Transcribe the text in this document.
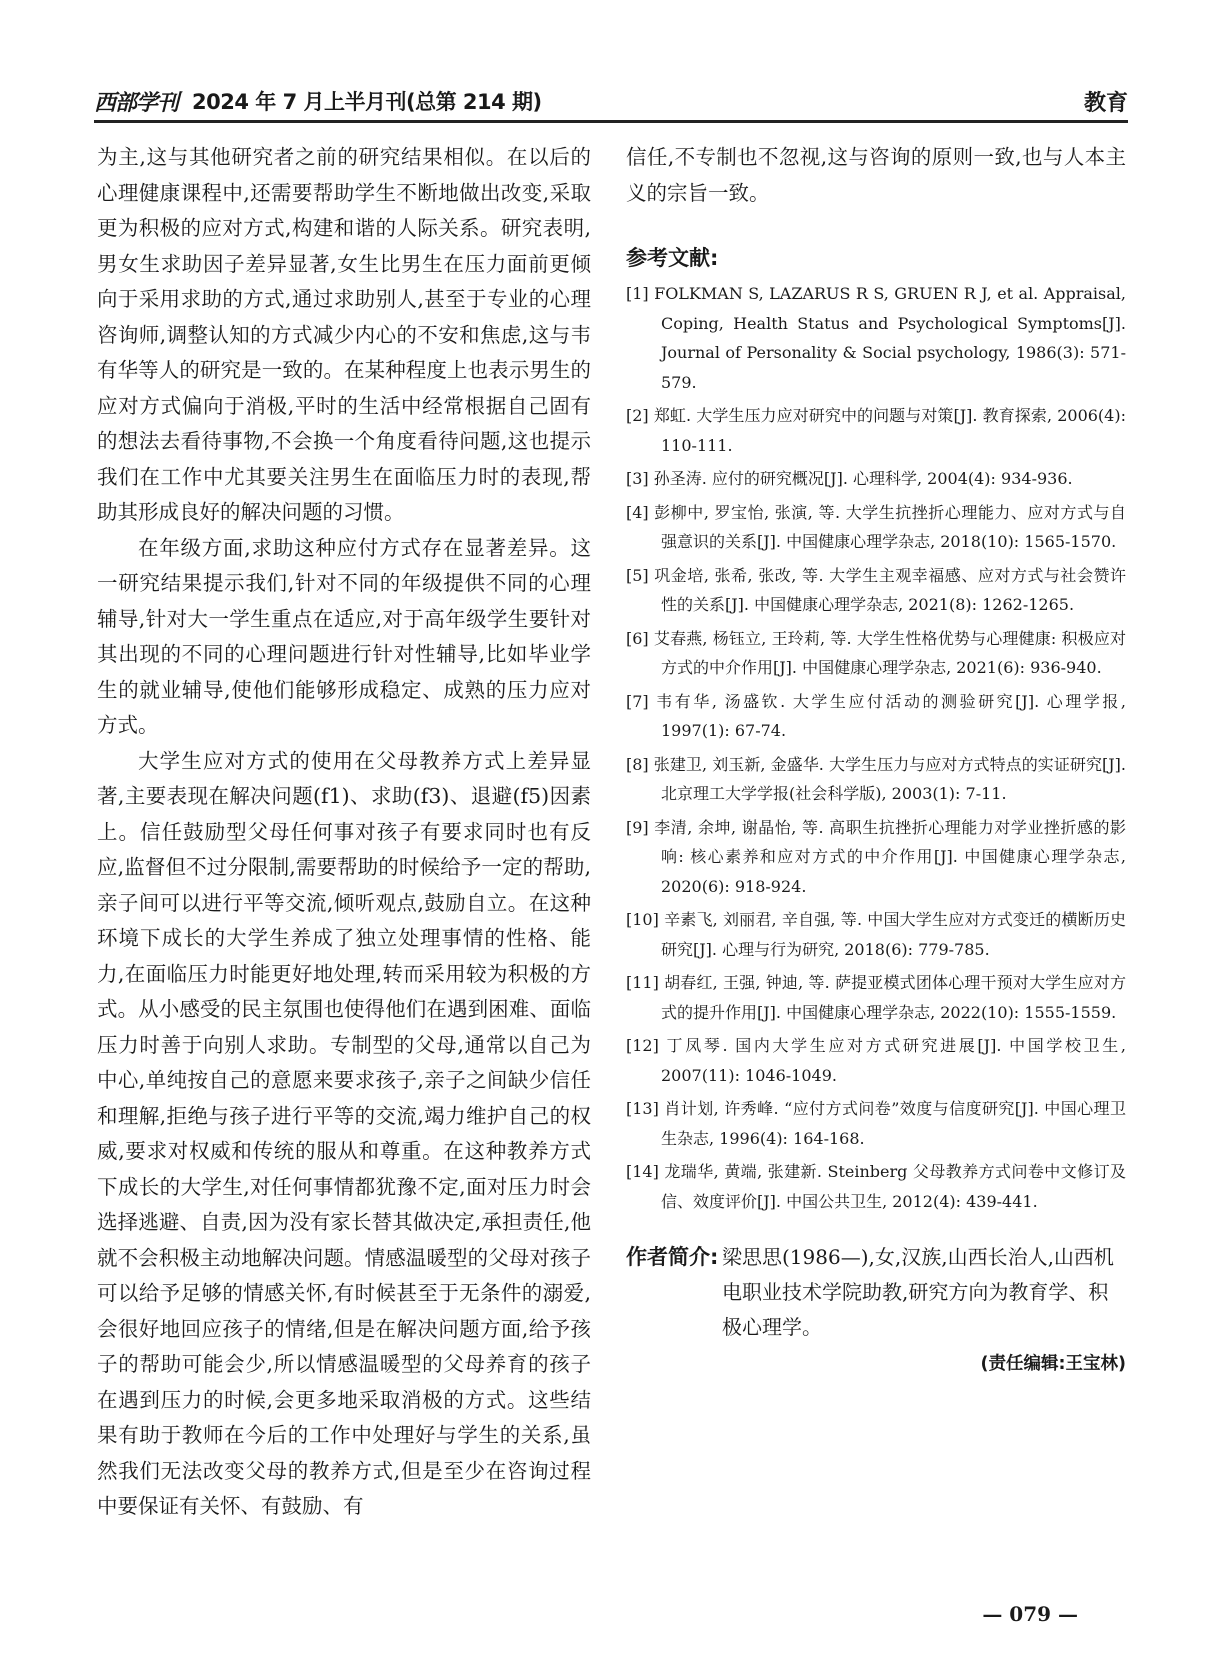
西部学刊 2024 年 7 月上半月刊(总第 214 期)	教育

为主,这与其他研究者之前的研究结果相似。在以后的心理健康课程中,还需要帮助学生不断地做出改变,采取更为积极的应对方式,构建和谐的人际关系。研究表明,男女生求助因子差异显著,女生比男生在压力面前更倾向于采用求助的方式,通过求助别人,甚至于专业的心理咨询师,调整认知的方式减少内心的不安和焦虑,这与韦有华等人的研究是一致的。在某种程度上也表示男生的应对方式偏向于消极,平时的生活中经常根据自己固有的想法去看待事物,不会换一个角度看待问题,这也提示我们在工作中尤其要关注男生在面临压力时的表现,帮助其形成良好的解决问题的习惯。

在年级方面,求助这种应付方式存在显著差异。这一研究结果提示我们,针对不同的年级提供不同的心理辅导,针对大一学生重点在适应,对于高年级学生要针对其出现的不同的心理问题进行针对性辅导,比如毕业学生的就业辅导,使他们能够形成稳定、成熟的压力应对方式。

大学生应对方式的使用在父母教养方式上差异显著,主要表现在解决问题(f1)、求助(f3)、退避(f5)因素上。信任鼓励型父母任何事对孩子有要求同时也有反应,监督但不过分限制,需要帮助的时候给予一定的帮助,亲子间可以进行平等交流,倾听观点,鼓励自立。在这种环境下成长的大学生养成了独立处理事情的性格、能力,在面临压力时能更好地处理,转而采用较为积极的方式。从小感受的民主氛围也使得他们在遇到困难、面临压力时善于向别人求助。专制型的父母,通常以自己为中心,单纯按自己的意愿来要求孩子,亲子之间缺少信任和理解,拒绝与孩子进行平等的交流,竭力维护自己的权威,要求对权威和传统的服从和尊重。在这种教养方式下成长的大学生,对任何事情都犹豫不定,面对压力时会选择逃避、自责,因为没有家长替其做决定,承担责任,他就不会积极主动地解决问题。情感温暖型的父母对孩子可以给予足够的情感关怀,有时候甚至于无条件的溺爱,会很好地回应孩子的情绪,但是在解决问题方面,给予孩子的帮助可能会少,所以情感温暖型的父母养育的孩子在遇到压力的时候,会更多地采取消极的方式。这些结果有助于教师在今后的工作中处理好与学生的关系,虽然我们无法改变父母的教养方式,但是至少在咨询过程中要保证有关怀、有鼓励、有

信任,不专制也不忽视,这与咨询的原则一致,也与人本主义的宗旨一致。

参考文献:

[1] FOLKMAN S, LAZARUS R S, GRUEN R J, et al. Appraisal, Coping, Health Status and Psychological Symptoms[J]. Journal of Personality & Social psychology, 1986(3): 571-579.
[2] 郑虹. 大学生压力应对研究中的问题与对策[J]. 教育探索, 2006(4): 110-111.
[3] 孙圣涛. 应付的研究概况[J]. 心理科学, 2004(4): 934-936.
[4] 彭柳中, 罗宝怡, 张演, 等. 大学生抗挫折心理能力、应对方式与自强意识的关系[J]. 中国健康心理学杂志, 2018(10): 1565-1570.
[5] 巩金培, 张希, 张改, 等. 大学生主观幸福感、应对方式与社会赞许性的关系[J]. 中国健康心理学杂志, 2021(8): 1262-1265.
[6] 艾春燕, 杨钰立, 王玲莉, 等. 大学生性格优势与心理健康: 积极应对方式的中介作用[J]. 中国健康心理学杂志, 2021(6): 936-940.
[7] 韦有华, 汤盛钦. 大学生应付活动的测验研究[J]. 心理学报, 1997(1): 67-74.
[8] 张建卫, 刘玉新, 金盛华. 大学生压力与应对方式特点的实证研究[J]. 北京理工大学学报(社会科学版), 2003(1): 7-11.
[9] 李清, 余坤, 谢晶怡, 等. 高职生抗挫折心理能力对学业挫折感的影响: 核心素养和应对方式的中介作用[J]. 中国健康心理学杂志, 2020(6): 918-924.
[10] 辛素飞, 刘丽君, 辛自强, 等. 中国大学生应对方式变迁的横断历史研究[J]. 心理与行为研究, 2018(6): 779-785.
[11] 胡春红, 王强, 钟迪, 等. 萨提亚模式团体心理干预对大学生应对方式的提升作用[J]. 中国健康心理学杂志, 2022(10): 1555-1559.
[12] 丁凤琴. 国内大学生应对方式研究进展[J]. 中国学校卫生, 2007(11): 1046-1049.
[13] 肖计划, 许秀峰. “应付方式问卷”效度与信度研究[J]. 中国心理卫生杂志, 1996(4): 164-168.
[14] 龙瑞华, 黄端, 张建新. Steinberg 父母教养方式问卷中文修订及信、效度评价[J]. 中国公共卫生, 2012(4): 439-441.
作者简介: 梁思思(1986—),女,汉族,山西长治人,山西机电职业技术学院助教,研究方向为教育学、积极心理学。
(责任编辑:王宝林)
— 079 —
